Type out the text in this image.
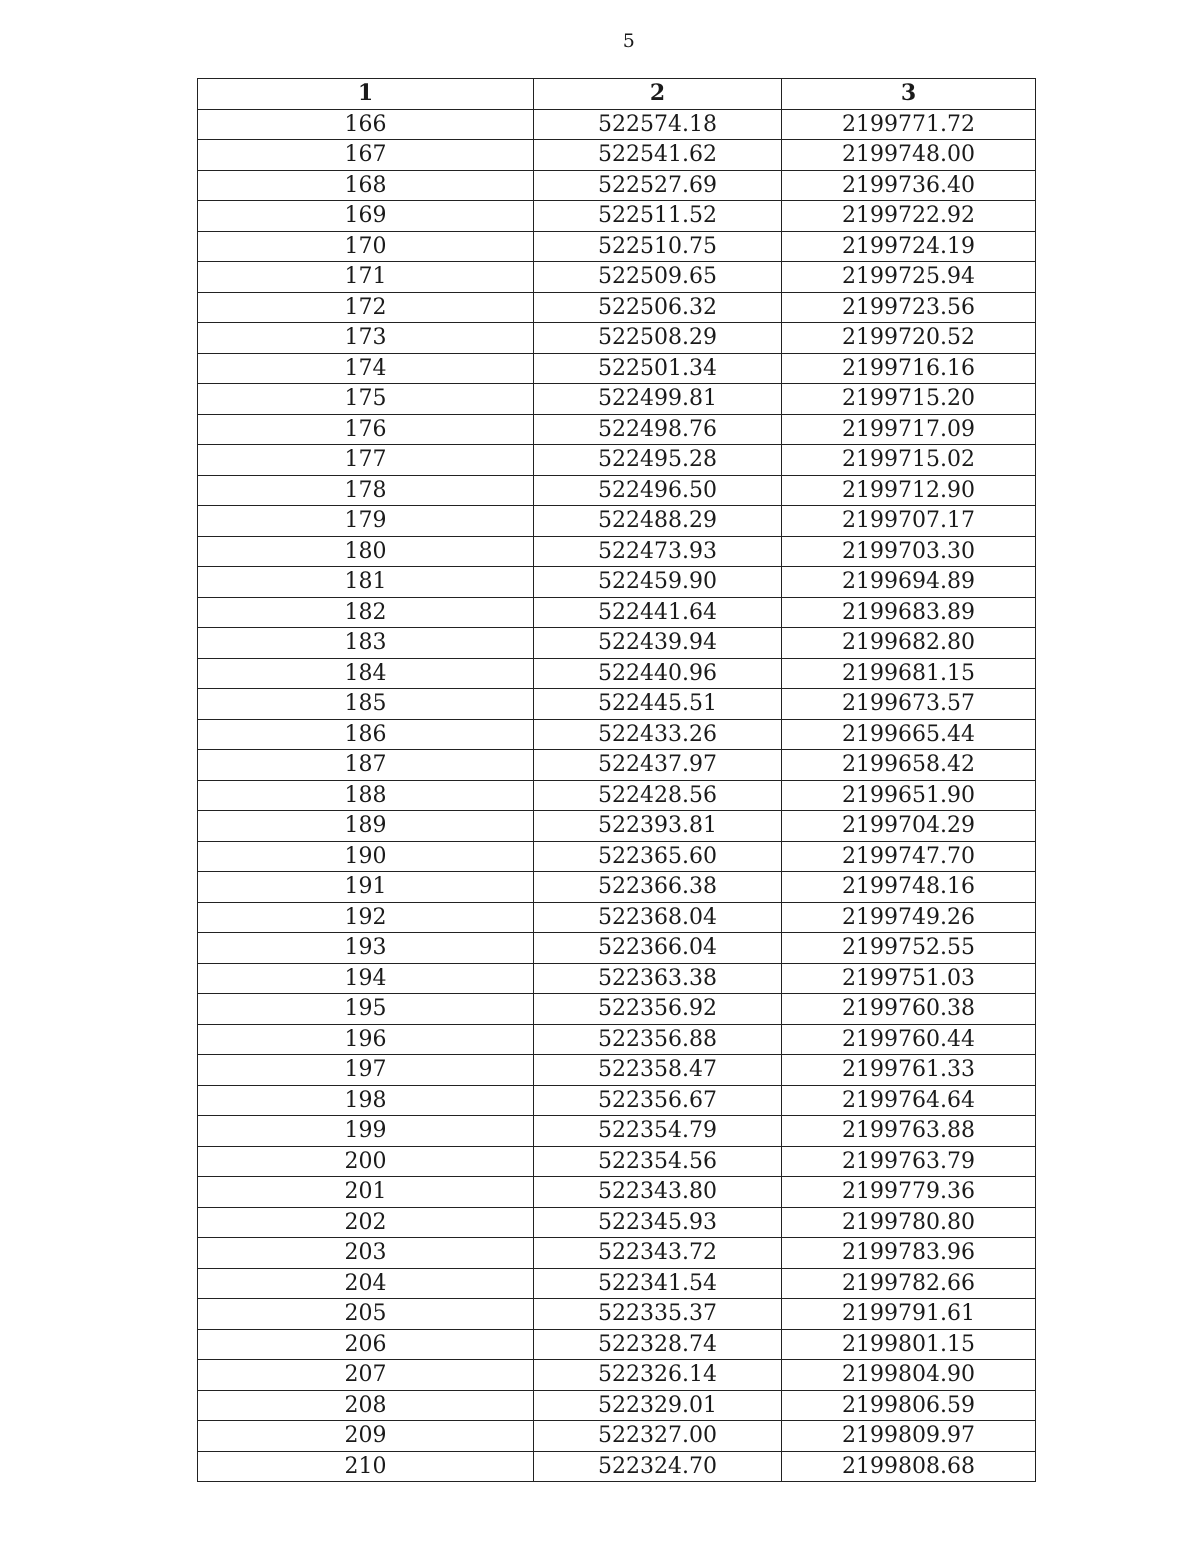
5
1	2	3
166	522574.18	2199771.72
167	522541.62	2199748.00
168	522527.69	2199736.40
169	522511.52	2199722.92
170	522510.75	2199724.19
171	522509.65	2199725.94
172	522506.32	2199723.56
173	522508.29	2199720.52
174	522501.34	2199716.16
175	522499.81	2199715.20
176	522498.76	2199717.09
177	522495.28	2199715.02
178	522496.50	2199712.90
179	522488.29	2199707.17
180	522473.93	2199703.30
181	522459.90	2199694.89
182	522441.64	2199683.89
183	522439.94	2199682.80
184	522440.96	2199681.15
185	522445.51	2199673.57
186	522433.26	2199665.44
187	522437.97	2199658.42
188	522428.56	2199651.90
189	522393.81	2199704.29
190	522365.60	2199747.70
191	522366.38	2199748.16
192	522368.04	2199749.26
193	522366.04	2199752.55
194	522363.38	2199751.03
195	522356.92	2199760.38
196	522356.88	2199760.44
197	522358.47	2199761.33
198	522356.67	2199764.64
199	522354.79	2199763.88
200	522354.56	2199763.79
201	522343.80	2199779.36
202	522345.93	2199780.80
203	522343.72	2199783.96
204	522341.54	2199782.66
205	522335.37	2199791.61
206	522328.74	2199801.15
207	522326.14	2199804.90
208	522329.01	2199806.59
209	522327.00	2199809.97
210	522324.70	2199808.68
